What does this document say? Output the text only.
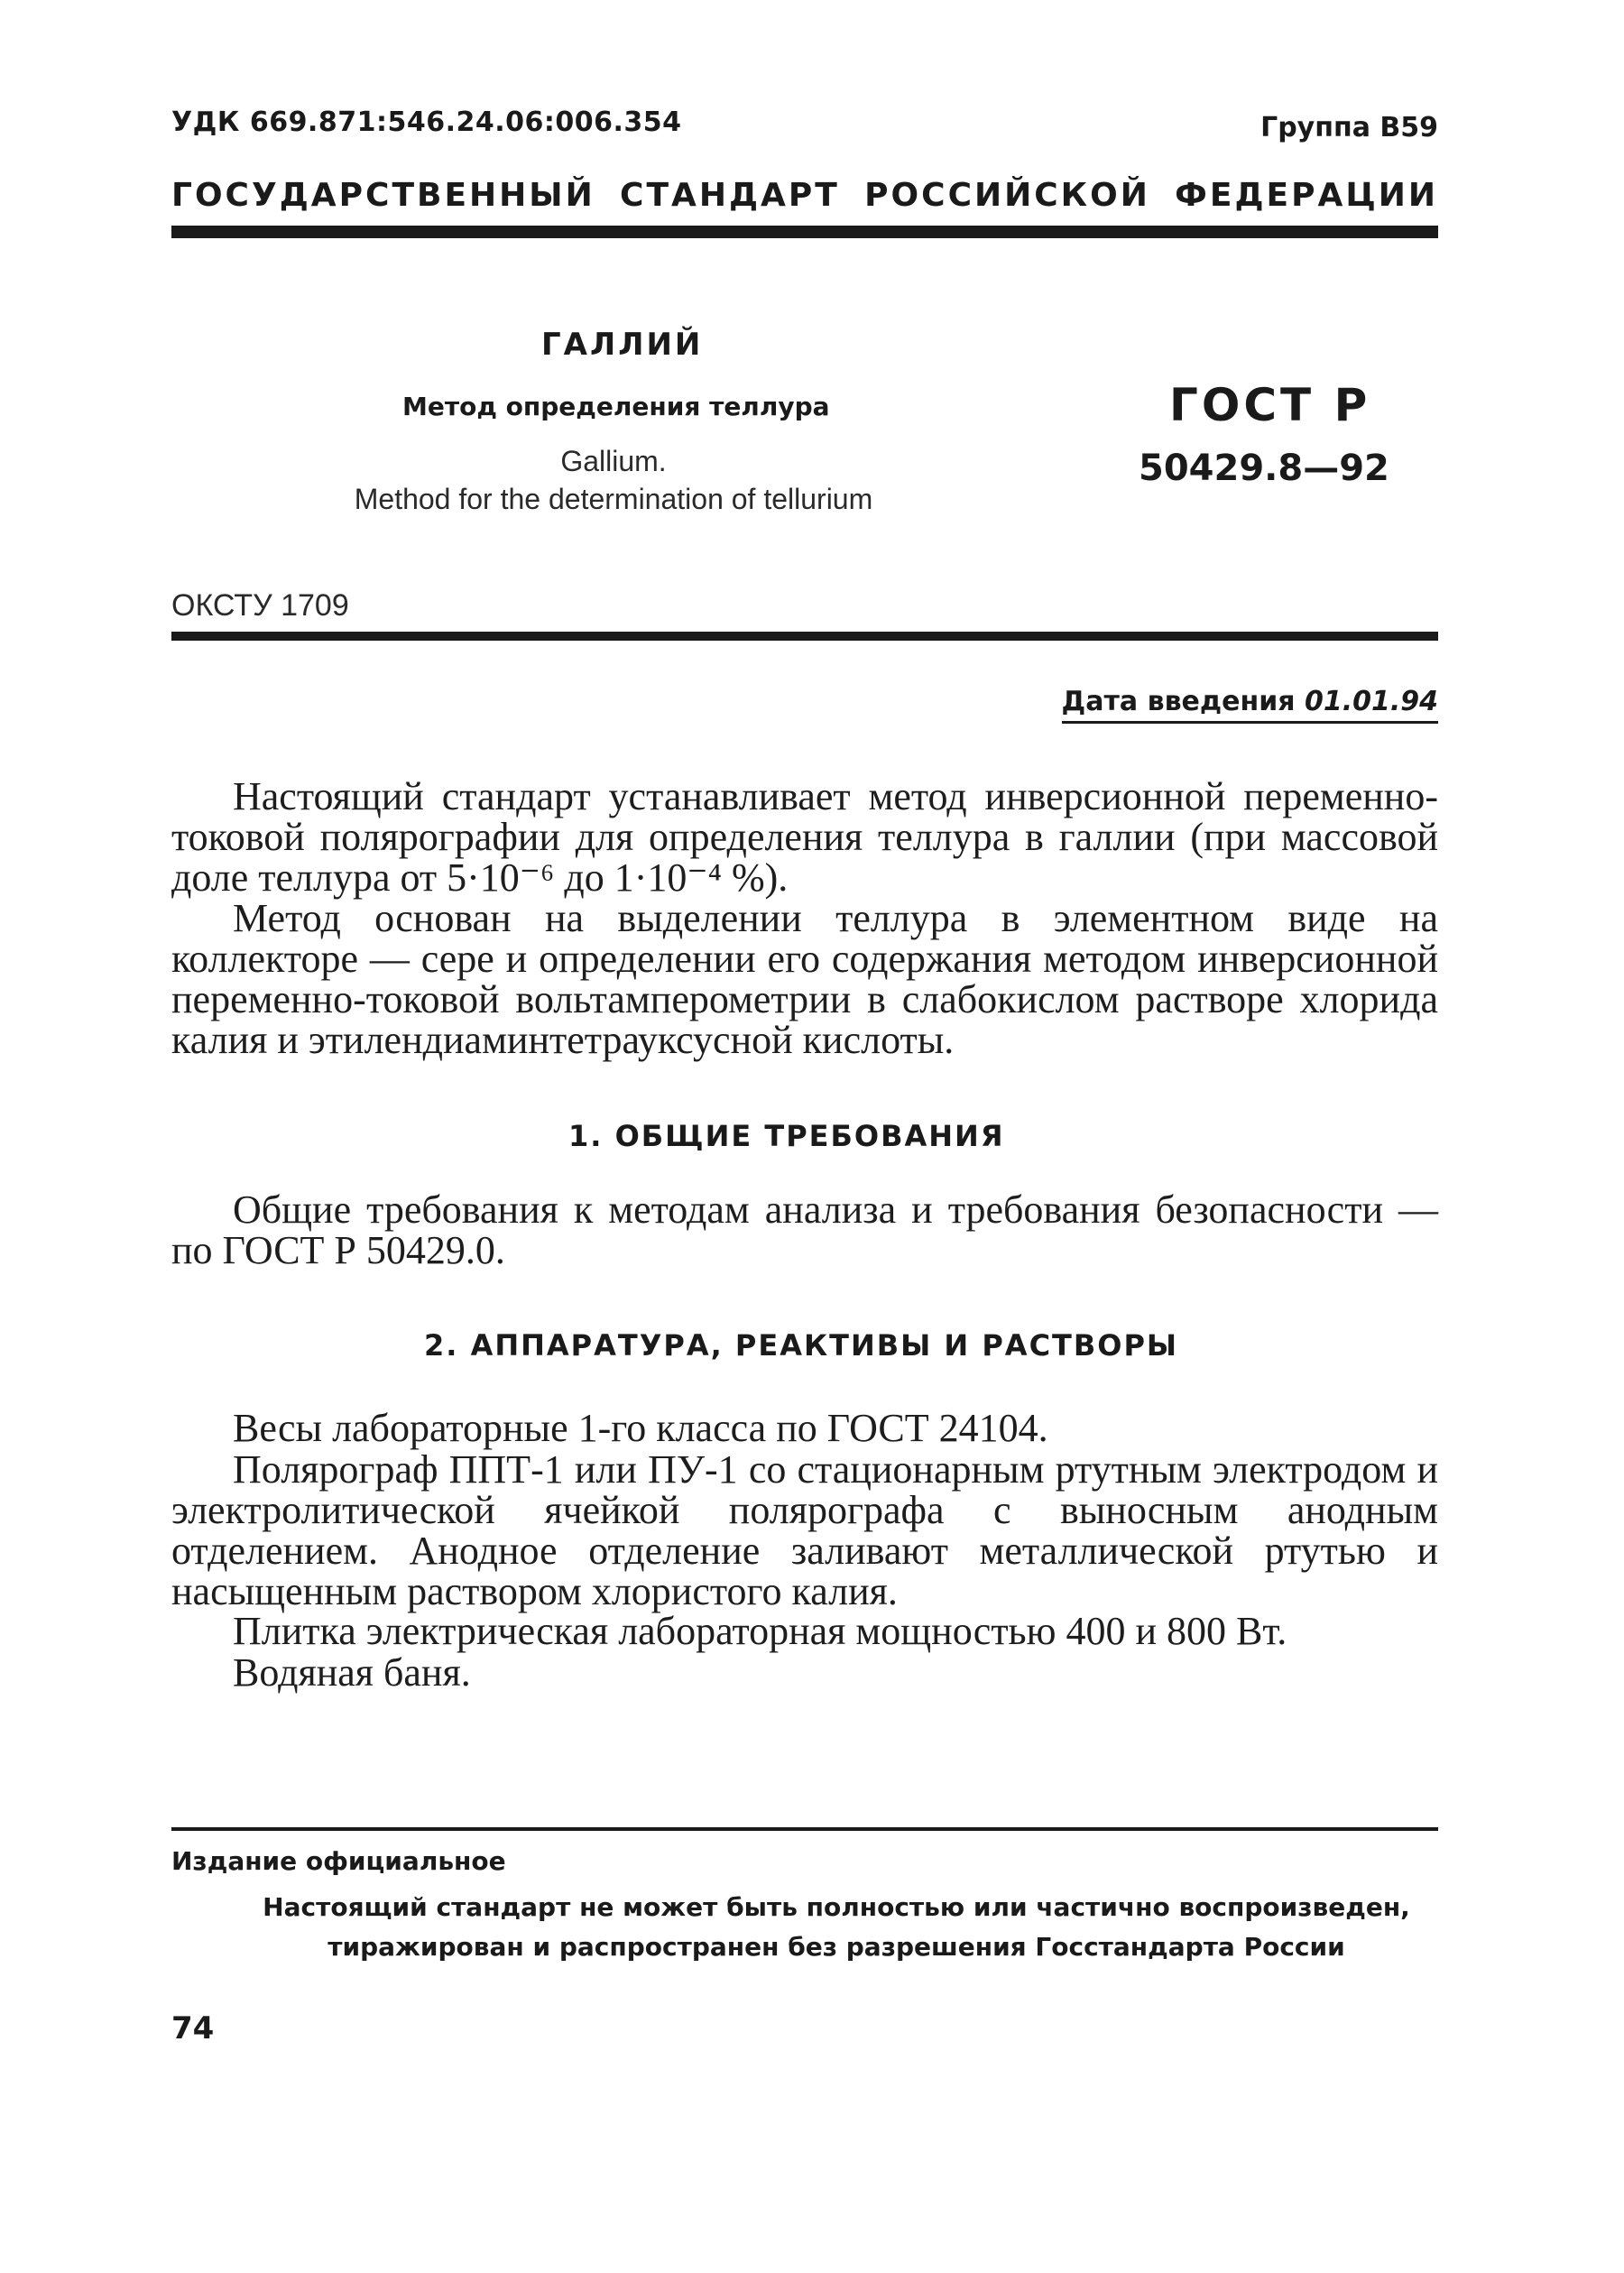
УДК 669.871:546.24.06:006.354	Группа В59
ГОСУДАРСТВЕННЫЙ СТАНДАРТ РОССИЙСКОЙ ФЕДЕРАЦИИ
ГАЛЛИЙ
Метод определения теллура
Gallium.
Method for the determination of tellurium
ГОСТ Р
50429.8—92
ОКСТУ 1709
Дата введения 01.01.94
Настоящий стандарт устанавливает метод инверсионной переменно-токовой полярографии для определения теллура в галлии (при массовой доле теллура от 5·10⁻⁶ до 1·10⁻⁴ %).
Метод основан на выделении теллура в элементном виде на коллекторе — сере и определении его содержания методом инверсионной переменно-токовой вольтамперометрии в слабокислом растворе хлорида калия и этилендиаминтетрауксусной кислоты.
1. ОБЩИЕ ТРЕБОВАНИЯ
Общие требования к методам анализа и требования безопасности — по ГОСТ Р 50429.0.
2. АППАРАТУРА, РЕАКТИВЫ И РАСТВОРЫ
Весы лабораторные 1-го класса по ГОСТ 24104.
Полярограф ППТ-1 или ПУ-1 со стационарным ртутным электродом и электролитической ячейкой полярографа с выносным анодным отделением. Анодное отделение заливают металлической ртутью и насыщенным раствором хлористого калия.
Плитка электрическая лабораторная мощностью 400 и 800 Вт.
Водяная баня.
Издание официальное
Настоящий стандарт не может быть полностью или частично воспроизведен, тиражирован и распространен без разрешения Госстандарта России
74
